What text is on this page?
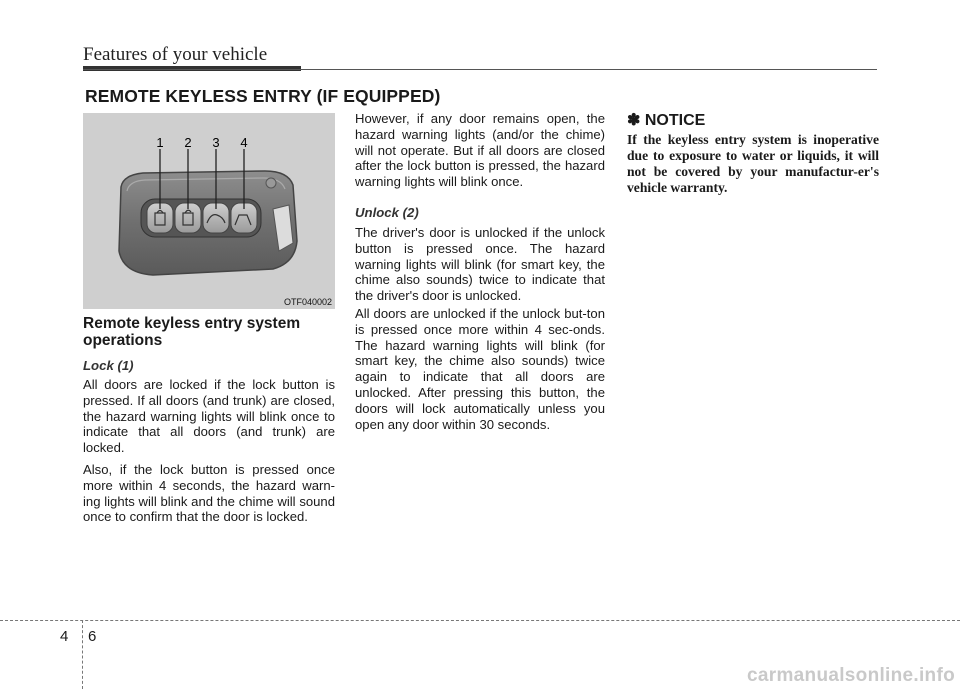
Features of your vehicle
REMOTE KEYLESS ENTRY (IF EQUIPPED)
1 2 3 4
OTF040002

Remote keyless entry system operations

Lock (1)

All doors are locked if the lock button is pressed. If all doors (and trunk) are closed, the hazard warning lights will blink once to indicate that all doors (and trunk) are locked.

Also, if the lock button is pressed once more within 4 seconds, the hazard warn-ing lights will blink and the chime will sound once to confirm that the door is locked.

However, if any door remains open, the hazard warning lights (and/or the chime) will not operate. But if all doors are closed after the lock button is pressed, the hazard warning lights will blink once.

Unlock (2)

The driver's door is unlocked if the unlock button is pressed once. The hazard warning lights will blink (for smart key, the chime also sounds) twice to indicate that the driver's door is unlocked.

All doors are unlocked if the unlock but-ton is pressed once more within 4 sec-onds. The hazard warning lights will blink (for smart key, the chime also sounds) twice again to indicate that all doors are unlocked. After pressing this button, the doors will lock automatically unless you open any door within 30 seconds.

✽ NOTICE

If the keyless entry system is inoperative due to exposure to water or liquids, it will not be covered by your manufactur-er's vehicle warranty.

4 6
carmanualsonline.info
